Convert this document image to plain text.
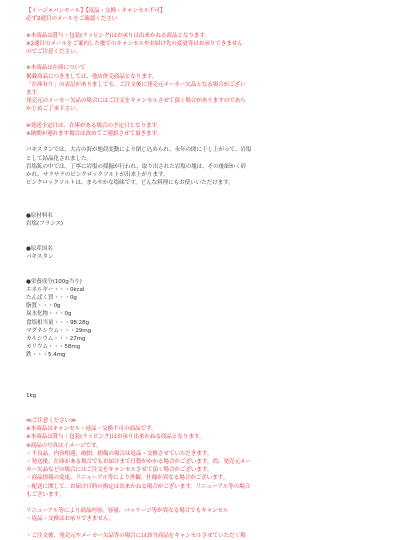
【イージャパンモール】【返品・交換・キャンセル不可】
必ず2通目のメールをご確認ください
※本商品は賞与・包装(ラッピング)はお承りは出来かねる商品となります。
※2通目のメールをご案内した後でのキャンセルやお届け先の変更等はお承りできません
のでご注意ください。
※本商品は在庫について
掲載商品につきましては、他店併売商品となります。
「在庫有り」の表記がありましても、ご注文後に発売元メーカー欠品となる場合がござい
ます。
発売元のメーカー欠品の場合にはご注文をキャンセルさせて頂く場合がありますのであら
かじめご了承下さい。
※発送予定日は、在庫がある場合の予定日となります。
※納期が遅れます場合は改めてご連絡させて頂きます。
パキスタンでは、大古の海が地殻変動により閉じ込められ、永年の間に干し上がって、岩塩
として結晶化されました。
岩塩鉱の中では、丁寧に岩塩の採掘が行われ、取り出された岩塩の塊は、その後細かく砕
かれ、サラサラのピンクロックソルトが出来上がります。
ピンクロックソルトは、まろやかな塩味です。どんな料理にもお使いいただけます。
●原材料名
岩塩(フランス)
●原産国名
パキスタン
●栄養成分(100g当り)
エネルギー・・・0kcal
たんぱく質・・・0g
脂質・・・0g
炭水化物・・・0g
食塩相当量・・・98.28g
マグネシウム・・・29mg
カルシウム・・・27mg
カリウム・・・58mg
鉄・・・5.4mg
1kg
≪ご注意ください≫
※本商品はキャンセル・返品・交換不可の商品です。
※本商品は賞与・包装(ラッピング)はお承り出来かねる商品となります。
※商品の写真はイメージです。
・不良品、内容相違、破損、損傷の場合は返品・交換させていただきます。
・発送後、在庫がある場合でもお届けまで日数がかかる場合がございます。尚、発売元メー
カー欠品などの場合にはご注文をキャンセルさせて頂く場合がございます。
・商品情報の変更、リニューアル等により外観、仕様が異なる場合がございます。
・配送に関して、お届け日時の指定は出来かねる場合がございます。リニューアル等の場合
もございます。
リニューアル等により商品内容、容量、パッケージ等が異なる場合でもキャンセル
・返品・交換はお承りできません。
・ご注文後、発売元やメーカー欠品等の場合には該当商品をキャンセルさせていただく場
